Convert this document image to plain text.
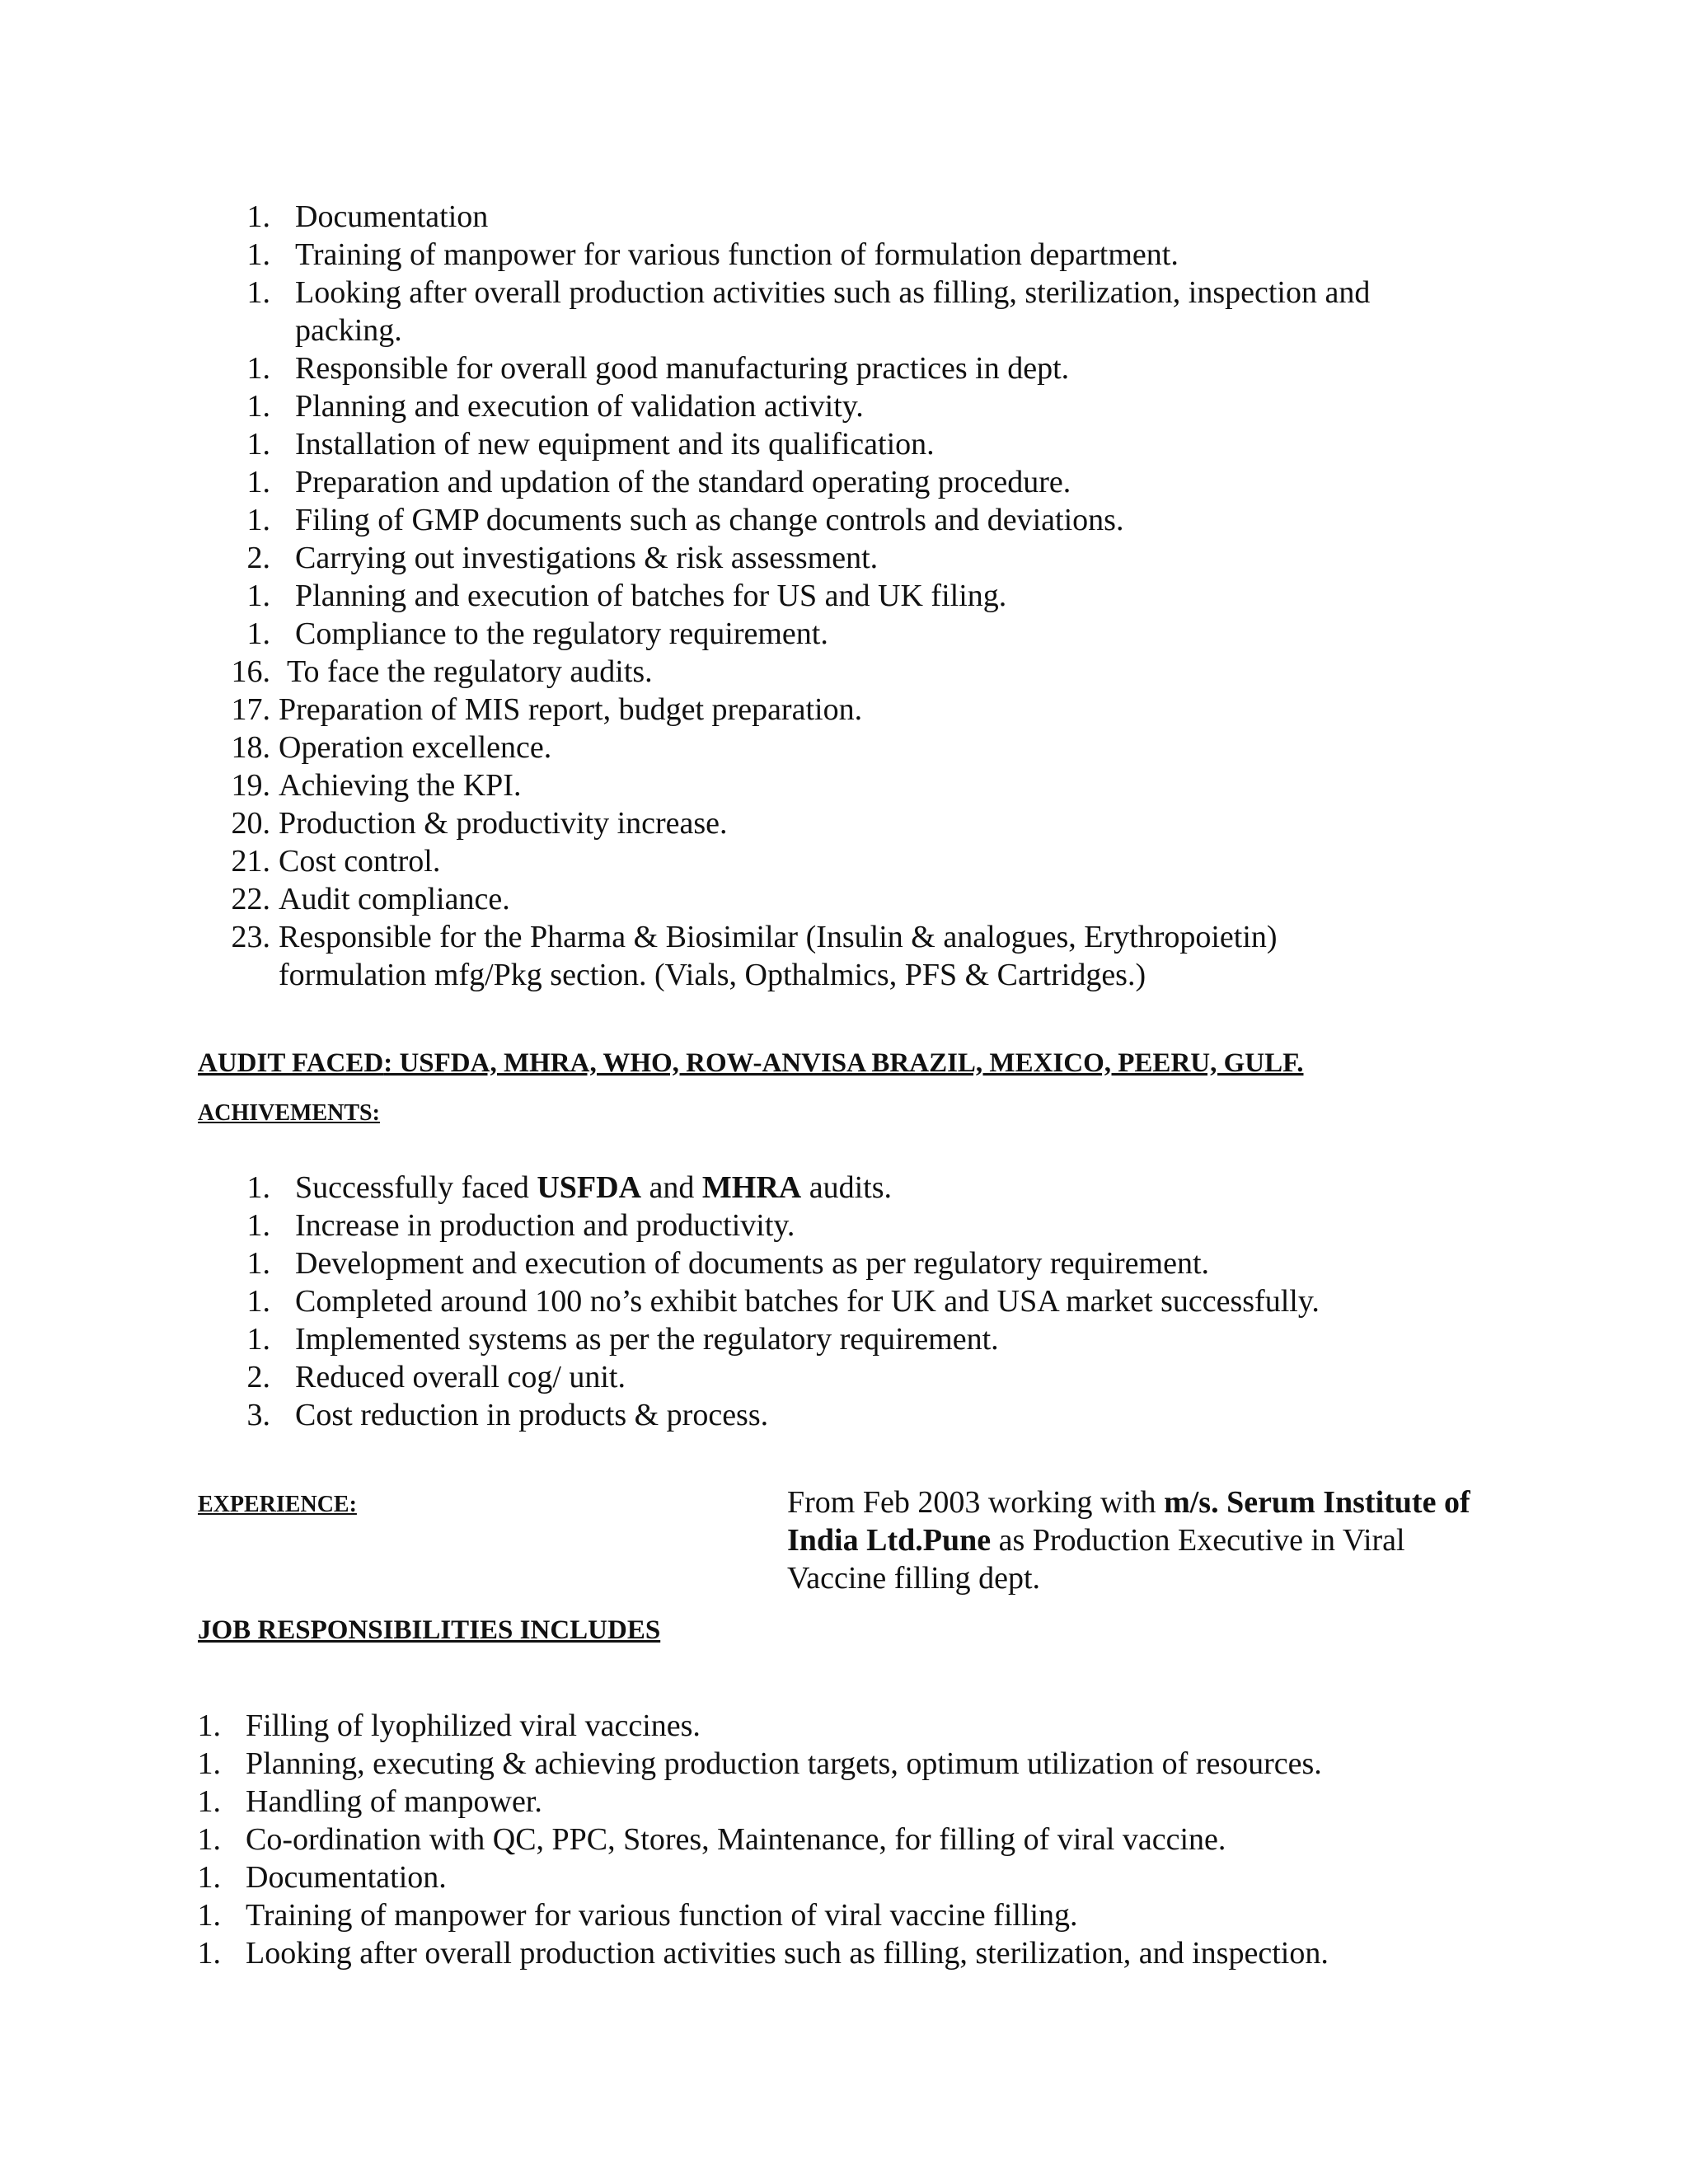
1. Documentation
1. Training of manpower for various function of formulation department.
1. Looking after overall production activities such as filling, sterilization, inspection and
packing.
1. Responsible for overall good manufacturing practices in dept.
1. Planning and execution of validation activity.
1. Installation of new equipment and its qualification.
1. Preparation and updation of the standard operating procedure.
1. Filing of GMP documents such as change controls and deviations.
2. Carrying out investigations & risk assessment.
1. Planning and execution of batches for US and UK filing.
1. Compliance to the regulatory requirement.
16. To face the regulatory audits.
17. Preparation of MIS report, budget preparation.
18. Operation excellence.
19. Achieving the KPI.
20. Production & productivity increase.
21. Cost control.
22. Audit compliance.
23. Responsible for the Pharma & Biosimilar (Insulin & analogues, Erythropoietin)
formulation mfg/Pkg section. (Vials, Opthalmics, PFS & Cartridges.)
AUDIT FACED: USFDA, MHRA, WHO, ROW-ANVISA BRAZIL, MEXICO, PEERU, GULF.
ACHIVEMENTS:
1. Successfully faced USFDA and MHRA audits.
1. Increase in production and productivity.
1. Development and execution of documents as per regulatory requirement.
1. Completed around 100 no’s exhibit batches for UK and USA market successfully.
1. Implemented systems as per the regulatory requirement.
2. Reduced overall cog/ unit.
3. Cost reduction in products & process.
EXPERIENCE:	From Feb 2003 working with m/s. Serum Institute of India Ltd.Pune as Production Executive in Viral Vaccine filling dept.
JOB RESPONSIBILITIES INCLUDES
1. Filling of lyophilized viral vaccines.
1. Planning, executing & achieving production targets, optimum utilization of resources.
1. Handling of manpower.
1. Co-ordination with QC, PPC, Stores, Maintenance, for filling of viral vaccine.
1. Documentation.
1. Training of manpower for various function of viral vaccine filling.
1. Looking after overall production activities such as filling, sterilization, and inspection.
